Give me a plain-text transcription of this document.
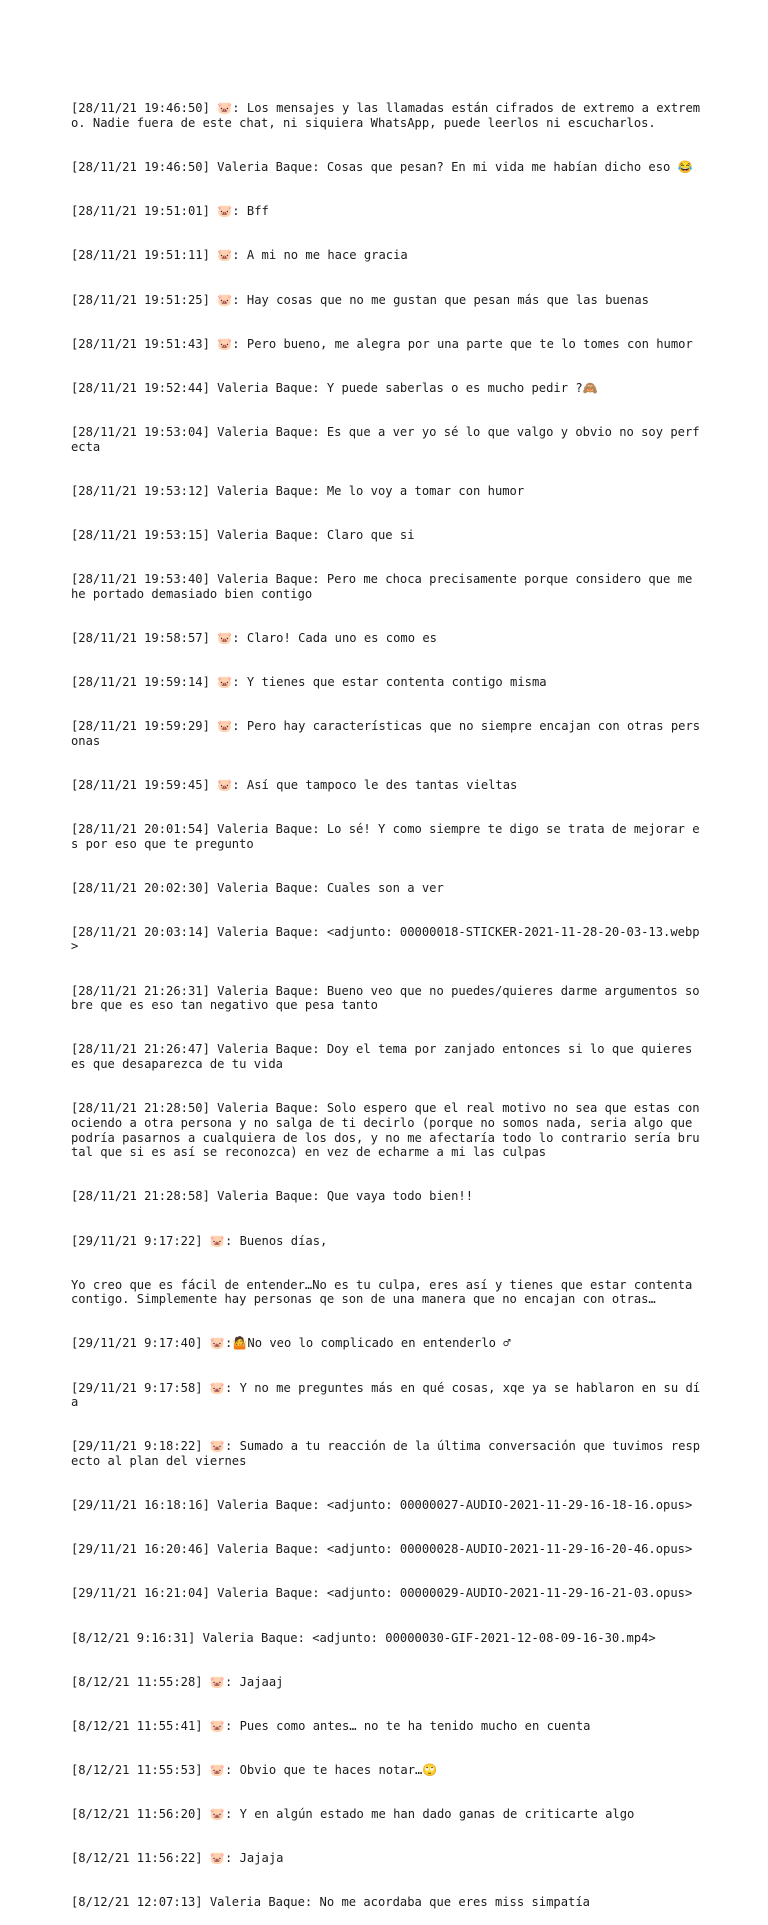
[28/11/21 19:46:50] 🐷: Los mensajes y las llamadas están cifrados de extremo a extremo. Nadie fuera de este chat, ni siquiera WhatsApp, puede leerlos ni escucharlos.

[28/11/21 19:46:50] Valeria Baque: Cosas que pesan? En mi vida me habían dicho eso 😂

[28/11/21 19:51:01] 🐷: Bff

[28/11/21 19:51:11] 🐷: A mi no me hace gracia

[28/11/21 19:51:25] 🐷: Hay cosas que no me gustan que pesan más que las buenas

[28/11/21 19:51:43] 🐷: Pero bueno, me alegra por una parte que te lo tomes con humor

[28/11/21 19:52:44] Valeria Baque: Y puede saberlas o es mucho pedir ?🙈

[28/11/21 19:53:04] Valeria Baque: Es que a ver yo sé lo que valgo y obvio no soy perfecta

[28/11/21 19:53:12] Valeria Baque: Me lo voy a tomar con humor

[28/11/21 19:53:15] Valeria Baque: Claro que si

[28/11/21 19:53:40] Valeria Baque: Pero me choca precisamente porque considero que me he portado demasiado bien contigo

[28/11/21 19:58:57] 🐷: Claro! Cada uno es como es

[28/11/21 19:59:14] 🐷: Y tienes que estar contenta contigo misma

[28/11/21 19:59:29] 🐷: Pero hay características que no siempre encajan con otras personas

[28/11/21 19:59:45] 🐷: Así que tampoco le des tantas vieltas

[28/11/21 20:01:54] Valeria Baque: Lo sé! Y como siempre te digo se trata de mejorar es por eso que te pregunto

[28/11/21 20:02:30] Valeria Baque: Cuales son a ver

[28/11/21 20:03:14] Valeria Baque: <adjunto: 00000018-STICKER-2021-11-28-20-03-13.webp>

[28/11/21 21:26:31] Valeria Baque: Bueno veo que no puedes/quieres darme argumentos sobre que es eso tan negativo que pesa tanto

[28/11/21 21:26:47] Valeria Baque: Doy el tema por zanjado entonces si lo que quieres es que desaparezca de tu vida

[28/11/21 21:28:50] Valeria Baque: Solo espero que el real motivo no sea que estas conociendo a otra persona y no salga de ti decirlo (porque no somos nada, seria algo que podría pasarnos a cualquiera de los dos, y no me afectaría todo lo contrario sería brutal que si es así se reconozca) en vez de echarme a mi las culpas

[28/11/21 21:28:58] Valeria Baque: Que vaya todo bien!!

[29/11/21 9:17:22] 🐷: Buenos días,

Yo creo que es fácil de entender…No es tu culpa, eres así y tienes que estar contenta contigo. Simplemente hay personas qe son de una manera que no encajan con otras…

[29/11/21 9:17:40] 🐷:🤷No veo lo complicado en entenderlo ♂

[29/11/21 9:17:58] 🐷: Y no me preguntes más en qué cosas, xqe ya se hablaron en su día

[29/11/21 9:18:22] 🐷: Sumado a tu reacción de la última conversación que tuvimos respecto al plan del viernes

[29/11/21 16:18:16] Valeria Baque: <adjunto: 00000027-AUDIO-2021-11-29-16-18-16.opus>

[29/11/21 16:20:46] Valeria Baque: <adjunto: 00000028-AUDIO-2021-11-29-16-20-46.opus>

[29/11/21 16:21:04] Valeria Baque: <adjunto: 00000029-AUDIO-2021-11-29-16-21-03.opus>

[8/12/21 9:16:31] Valeria Baque: <adjunto: 00000030-GIF-2021-12-08-09-16-30.mp4>

[8/12/21 11:55:28] 🐷: Jajaaj

[8/12/21 11:55:41] 🐷: Pues como antes… no te ha tenido mucho en cuenta

[8/12/21 11:55:53] 🐷: Obvio que te haces notar…🙄

[8/12/21 11:56:20] 🐷: Y en algún estado me han dado ganas de criticarte algo

[8/12/21 11:56:22] 🐷: Jajaja

[8/12/21 12:07:13] Valeria Baque: No me acordaba que eres miss simpatía
